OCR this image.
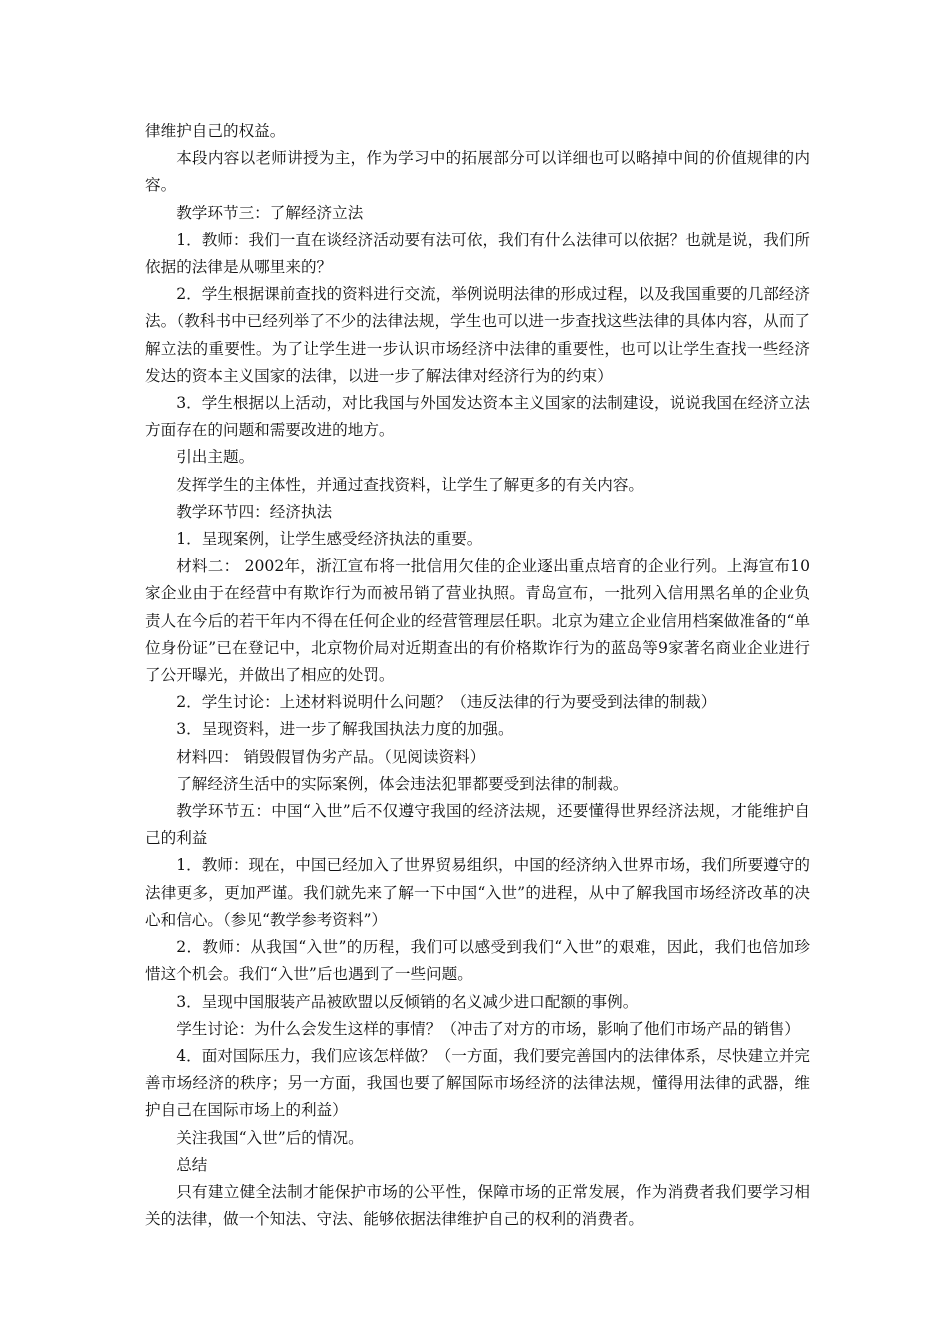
律维护自己的权益。

本段内容以老师讲授为主，作为学习中的拓展部分可以详细也可以略掉中间的价值规律的内容。

教学环节三：了解经济立法

1．教师：我们一直在谈经济活动要有法可依，我们有什么法律可以依据？也就是说，我们所依据的法律是从哪里来的？

2．学生根据课前查找的资料进行交流，举例说明法律的形成过程，以及我国重要的几部经济法。（教科书中已经列举了不少的法律法规，学生也可以进一步查找这些法律的具体内容，从而了解立法的重要性。为了让学生进一步认识市场经济中法律的重要性，也可以让学生查找一些经济发达的资本主义国家的法律，以进一步了解法律对经济行为的约束）

3．学生根据以上活动，对比我国与外国发达资本主义国家的法制建设，说说我国在经济立法方面存在的问题和需要改进的地方。

引出主题。

发挥学生的主体性，并通过查找资料，让学生了解更多的有关内容。

教学环节四：经济执法

1．呈现案例，让学生感受经济执法的重要。

材料二： 2002年，浙江宣布将一批信用欠佳的企业逐出重点培育的企业行列。上海宣布10家企业由于在经营中有欺诈行为而被吊销了营业执照。青岛宣布，一批列入信用黑名单的企业负责人在今后的若干年内不得在任何企业的经营管理层任职。北京为建立企业信用档案做准备的“单位身份证”已在登记中，北京物价局对近期查出的有价格欺诈行为的蓝岛等9家著名商业企业进行了公开曝光，并做出了相应的处罚。

2．学生讨论：上述材料说明什么问题？（违反法律的行为要受到法律的制裁）

3．呈现资料，进一步了解我国执法力度的加强。

材料四： 销毁假冒伪劣产品。（见阅读资料）

了解经济生活中的实际案例，体会违法犯罪都要受到法律的制裁。

教学环节五：中国“入世”后不仅遵守我国的经济法规，还要懂得世界经济法规，才能维护自己的利益

1．教师：现在，中国已经加入了世界贸易组织，中国的经济纳入世界市场，我们所要遵守的法律更多，更加严谨。我们就先来了解一下中国“入世”的进程，从中了解我国市场经济改革的决心和信心。（参见“教学参考资料”）

2．教师：从我国“入世”的历程，我们可以感受到我们“入世”的艰难，因此，我们也倍加珍惜这个机会。我们“入世”后也遇到了一些问题。

3．呈现中国服装产品被欧盟以反倾销的名义减少进口配额的事例。

学生讨论：为什么会发生这样的事情？（冲击了对方的市场，影响了他们市场产品的销售）

4．面对国际压力，我们应该怎样做？（一方面，我们要完善国内的法律体系，尽快建立并完善市场经济的秩序；另一方面，我国也要了解国际市场经济的法律法规，懂得用法律的武器，维护自己在国际市场上的利益）

关注我国“入世”后的情况。

总结

只有建立健全法制才能保护市场的公平性，保障市场的正常发展，作为消费者我们要学习相关的法律，做一个知法、守法、能够依据法律维护自己的权利的消费者。
